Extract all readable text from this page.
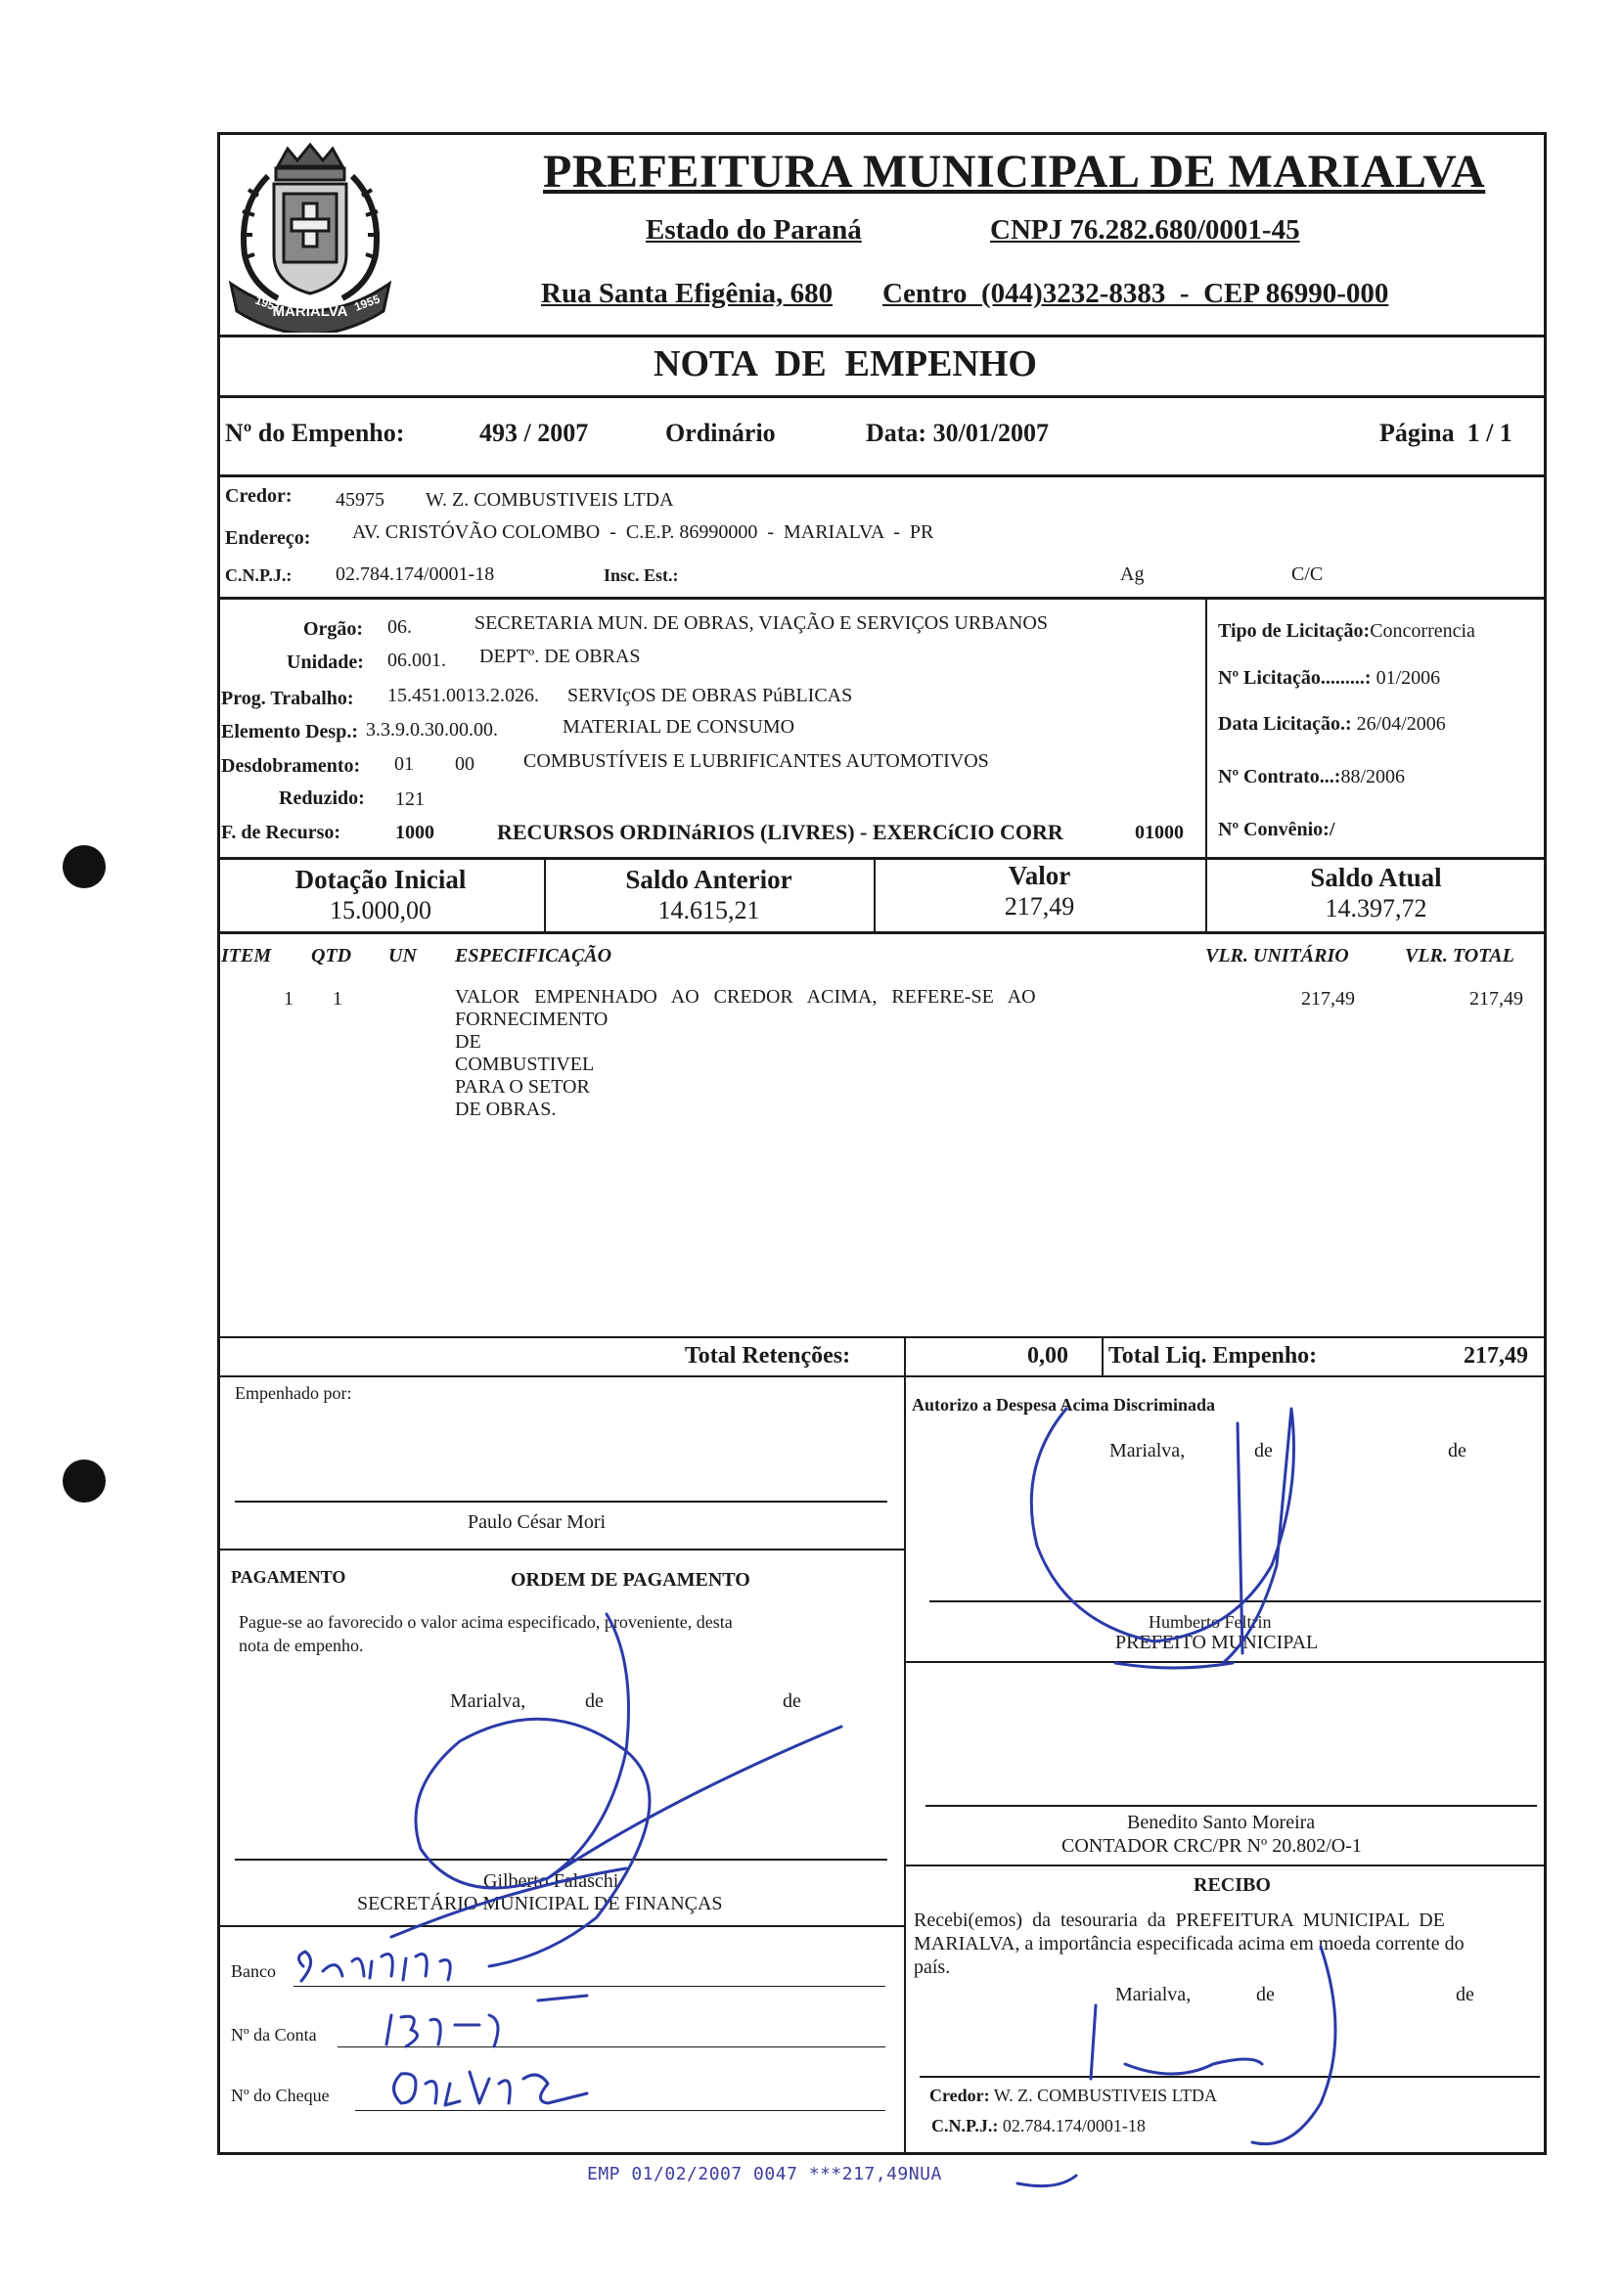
MARIALVA
1951	1955
PREFEITURA MUNICIPAL DE MARIALVA
Estado do Paraná	CNPJ 76.282.680/0001-45
Rua Santa Efigênia, 680 Centro  (044)3232-8383  -  CEP 86990-000
NOTA  DE  EMPENHO
Nº do Empenho:	493 / 2007	Ordinário	Data: 30/01/2007	Página  1 / 1
Credor: 45975 W. Z. COMBUSTIVEIS LTDA
Endereço: AV. CRISTÓVÃO COLOMBO  -  C.E.P. 86990000  -  MARIALVA  -  PR
C.N.P.J.: 02.784.174/0001-18	Insc. Est.:	Ag	C/C
Orgão: 06.	SECRETARIA MUN. DE OBRAS, VIAÇÃO E SERVIÇOS URBANOS
Unidade: 06.001. DEPTº. DE OBRAS
Prog. Trabalho: 15.451.0013.2.026. SERVIçOS DE OBRAS PúBLICAS
Elemento Desp.: 3.3.9.0.30.00.00.	MATERIAL DE CONSUMO
Desdobramento: 01 00	COMBUSTÍVEIS E LUBRIFICANTES AUTOMOTIVOS
Reduzido: 121
F. de Recurso:	1000	RECURSOS ORDINáRIOS (LIVRES) - EXERCíCIO CORR	01000
Tipo de Licitação:Concorrencia
Nº Licitação.........: 01/2006
Data Licitação.: 26/04/2006
Nº Contrato...:88/2006
Nº Convênio:/
Dotação Inicial
15.000,00
Saldo Anterior
14.615,21
Valor
217,49
Saldo Atual
14.397,72
ITEM QTD UN ESPECIFICAÇÃO	VLR. UNITÁRIO	VLR. TOTAL
1 1	VALOR   EMPENHADO   AO   CREDOR   ACIMA,   REFERE-SE   AO
FORNECIMENTO DE COMBUSTIVEL PARA O SETOR DE OBRAS.
217,49	217,49
Total Retenções:	0,00 Total Liq. Empenho:	217,49
Empenhado por:
Paulo César Mori
PAGAMENTO	ORDEM DE PAGAMENTO
Pague-se ao favorecido o valor acima especificado, proveniente, desta
nota de empenho.
Marialva,	de	de
Gilberto Falaschi
SECRETÁRIO MUNICIPAL DE FINANÇAS
Banco
Nº da Conta
Nº do Cheque
Autorizo a Despesa Acima Discriminada
Marialva,	de	de
Humberto Feltrin
PREFEITO MUNICIPAL
Benedito Santo Moreira
CONTADOR CRC/PR Nº 20.802/O-1
RECIBO
Recebi(emos)  da  tesouraria  da  PREFEITURA  MUNICIPAL  DE
MARIALVA, a importância especificada acima em moeda corrente do
país.
Marialva,	de	de
Credor: W. Z. COMBUSTIVEIS LTDA
C.N.P.J.: 02.784.174/0001-18
EMP 01/02/2007 0047 ***217,49NUA
